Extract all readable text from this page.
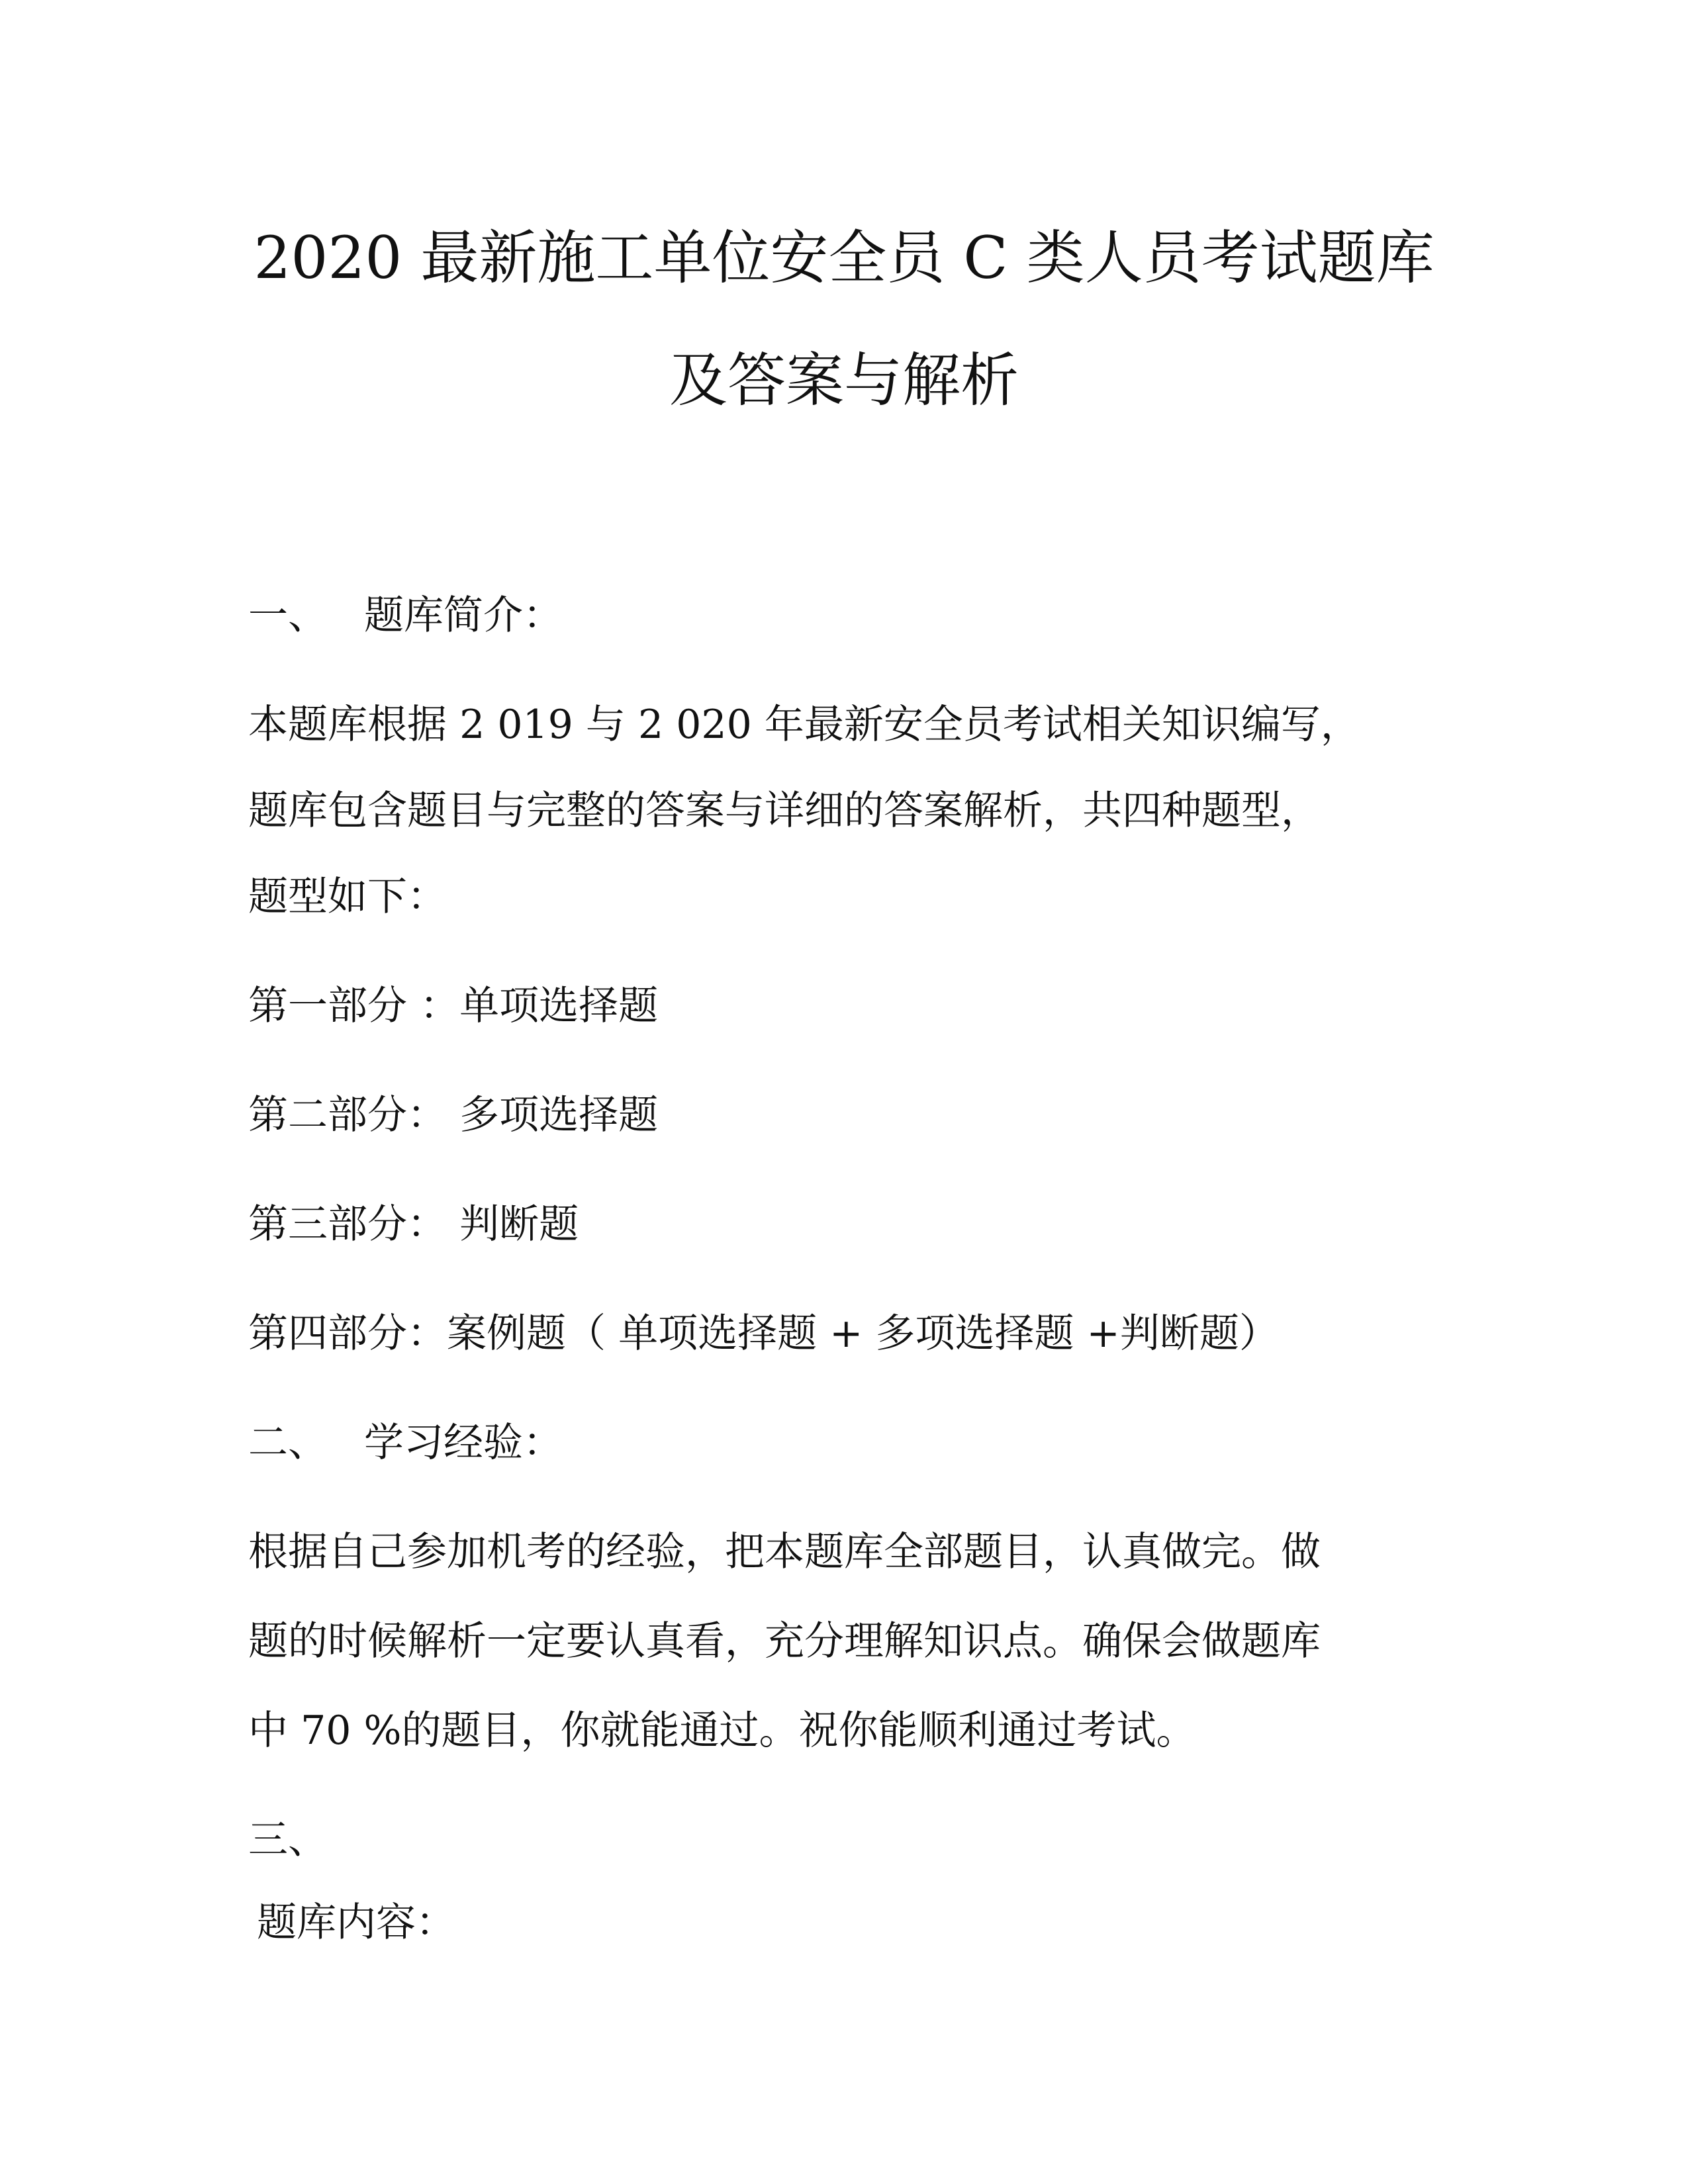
2020 最新施工单位安全员 C 类人员考试题库
及答案与解析
一、 题库简介：
本题库根据 2 019 与 2 020 年最新安全员考试相关知识编写，
题库包含题目与完整的答案与详细的答案解析，共四种题型，
题型如下：
第一部分 ：单项选择题
第二部分： 多项选择题
第三部分： 判断题
第四部分：案例题（ 单项选择题 + 多项选择题 +判断题）
二、 学习经验：
根据自己参加机考的经验，把本题库全部题目，认真做完。做
题的时候解析一定要认真看，充分理解知识点。确保会做题库
中 70 %的题目，你就能通过。祝你能顺利通过考试。
三、
题库内容：
